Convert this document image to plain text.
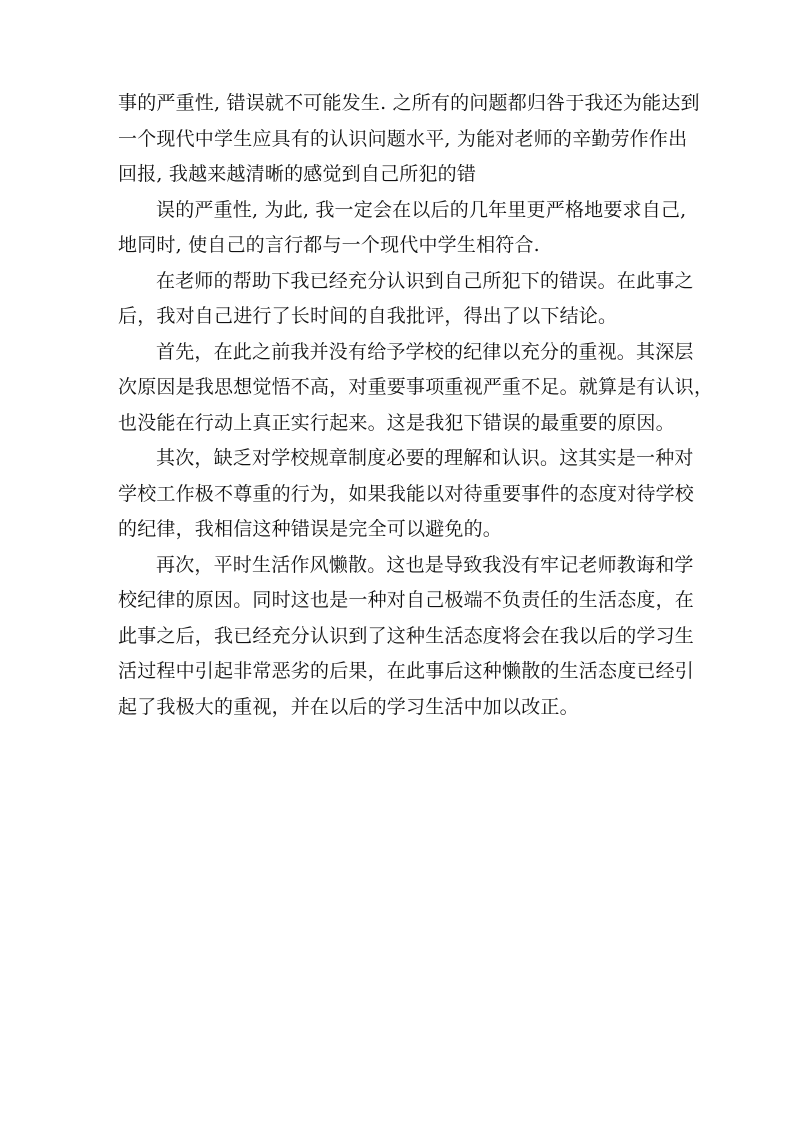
事的严重性, 错误就不可能发生. 之所有的问题都归咎于我还为能达到
一个现代中学生应具有的认识问题水平, 为能对老师的辛勤劳作作出
回报, 我越来越清晰的感觉到自己所犯的错

误的严重性, 为此, 我一定会在以后的几年里更严格地要求自己,
地同时, 使自己的言行都与一个现代中学生相符合.

在老师的帮助下我已经充分认识到自己所犯下的错误。在此事之
后，我对自己进行了长时间的自我批评，得出了以下结论。

首先，在此之前我并没有给予学校的纪律以充分的重视。其深层
次原因是我思想觉悟不高，对重要事项重视严重不足。就算是有认识，
也没能在行动上真正实行起来。这是我犯下错误的最重要的原因。

其次，缺乏对学校规章制度必要的理解和认识。这其实是一种对
学校工作极不尊重的行为，如果我能以对待重要事件的态度对待学校
的纪律，我相信这种错误是完全可以避免的。

再次，平时生活作风懒散。这也是导致我没有牢记老师教诲和学
校纪律的原因。同时这也是一种对自己极端不负责任的生活态度，在
此事之后，我已经充分认识到了这种生活态度将会在我以后的学习生
活过程中引起非常恶劣的后果，在此事后这种懒散的生活态度已经引
起了我极大的重视，并在以后的学习生活中加以改正。
